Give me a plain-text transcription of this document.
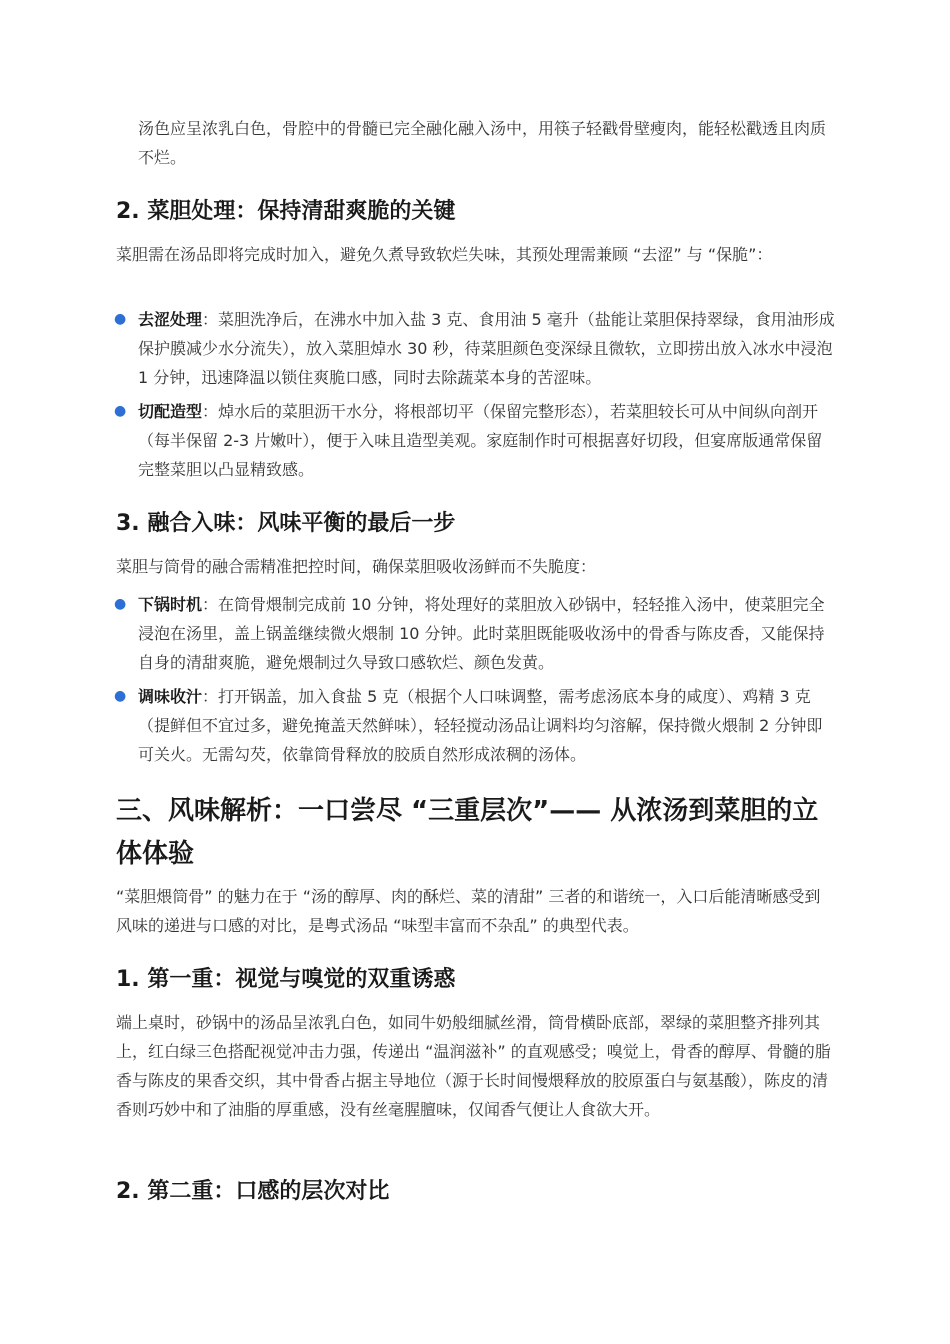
汤色应呈浓乳白色，骨腔中的骨髓已完全融化融入汤中，用筷子轻戳骨壁瘦肉，能轻松戳透且肉质不烂。

2. 菜胆处理：保持清甜爽脆的关键

菜胆需在汤品即将完成时加入，避免久煮导致软烂失味，其预处理需兼顾 “去涩” 与 “保脆”：

● 去涩处理：菜胆洗净后，在沸水中加入盐 3 克、食用油 5 毫升（盐能让菜胆保持翠绿，食用油形成保护膜减少水分流失），放入菜胆焯水 30 秒，待菜胆颜色变深绿且微软，立即捞出放入冰水中浸泡 1 分钟，迅速降温以锁住爽脆口感，同时去除蔬菜本身的苦涩味。

● 切配造型：焯水后的菜胆沥干水分，将根部切平（保留完整形态），若菜胆较长可从中间纵向剖开（每半保留 2-3 片嫩叶），便于入味且造型美观。家庭制作时可根据喜好切段，但宴席版通常保留完整菜胆以凸显精致感。

3. 融合入味：风味平衡的最后一步

菜胆与筒骨的融合需精准把控时间，确保菜胆吸收汤鲜而不失脆度：

● 下锅时机：在筒骨煨制完成前 10 分钟，将处理好的菜胆放入砂锅中，轻轻推入汤中，使菜胆完全浸泡在汤里，盖上锅盖继续微火煨制 10 分钟。此时菜胆既能吸收汤中的骨香与陈皮香，又能保持自身的清甜爽脆，避免煨制过久导致口感软烂、颜色发黄。

● 调味收汁：打开锅盖，加入食盐 5 克（根据个人口味调整，需考虑汤底本身的咸度）、鸡精 3 克（提鲜但不宜过多，避免掩盖天然鲜味），轻轻搅动汤品让调料均匀溶解，保持微火煨制 2 分钟即可关火。无需勾芡，依靠筒骨释放的胶质自然形成浓稠的汤体。

三、风味解析：一口尝尽 “三重层次”—— 从浓汤到菜胆的立体体验

“菜胆煨筒骨” 的魅力在于 “汤的醇厚、肉的酥烂、菜的清甜” 三者的和谐统一，入口后能清晰感受到风味的递进与口感的对比，是粤式汤品 “味型丰富而不杂乱” 的典型代表。

1. 第一重：视觉与嗅觉的双重诱惑

端上桌时，砂锅中的汤品呈浓乳白色，如同牛奶般细腻丝滑，筒骨横卧底部，翠绿的菜胆整齐排列其上，红白绿三色搭配视觉冲击力强，传递出 “温润滋补” 的直观感受；嗅觉上，骨香的醇厚、骨髓的脂香与陈皮的果香交织，其中骨香占据主导地位（源于长时间慢煨释放的胶原蛋白与氨基酸），陈皮的清香则巧妙中和了油脂的厚重感，没有丝毫腥膻味，仅闻香气便让人食欲大开。

2. 第二重：口感的层次对比
